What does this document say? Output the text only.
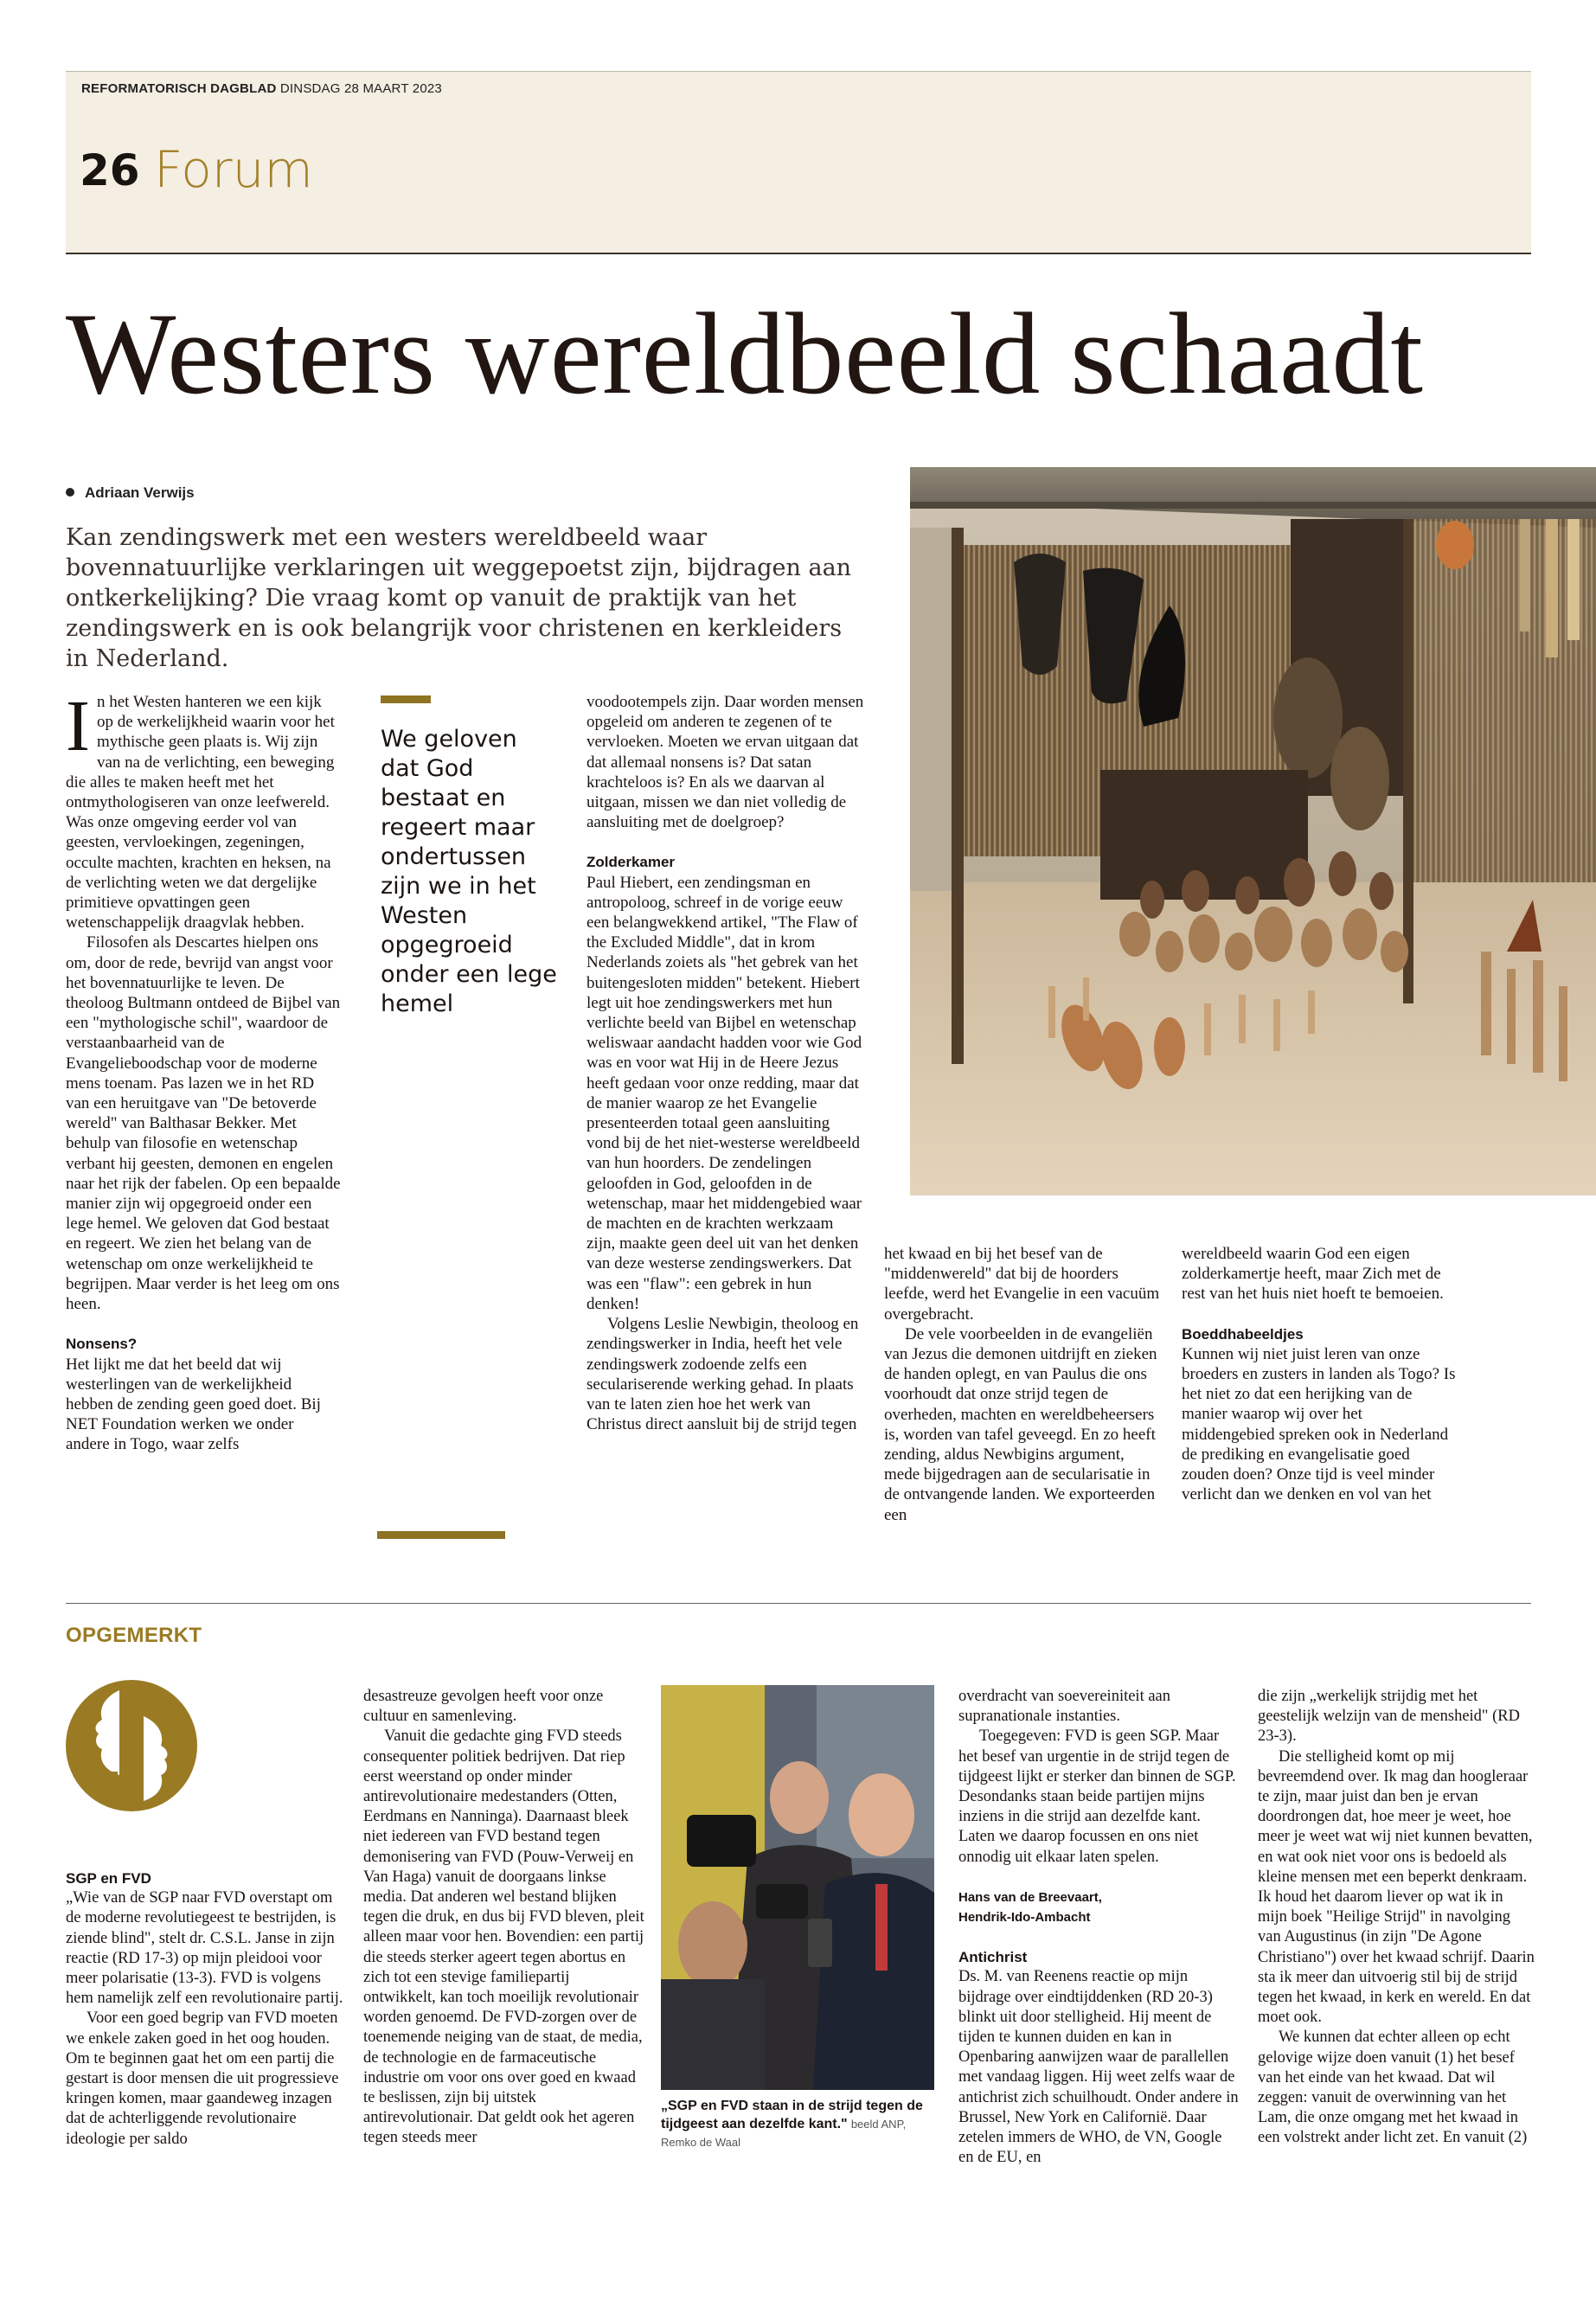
REFORMATORISCH DAGBLAD DINSDAG 28 MAART 2023
26 Forum
Westers wereldbeeld schaadt
Adriaan Verwijs
Kan zendingswerk met een westers wereldbeeld waar bovennatuurlijke verklaringen uit weggepoetst zijn, bijdragen aan ontkerkelijking? Die vraag komt op vanuit de praktijk van het zendingswerk en is ook belangrijk voor christenen en kerkleiders in Nederland.
We geloven dat God bestaat en regeert maar ondertussen zijn we in het Westen opgegroeid onder een lege hemel

In het Westen hanteren we een kijk op de werkelijkheid waarin voor het mythische geen plaats is. Wij zijn van na de verlichting, een beweging die alles te maken heeft met het ontmythologiseren van onze leefwereld. Was onze omgeving eerder vol van geesten, vervloekingen, zegeningen, occulte machten, krachten en heksen, na de verlichting weten we dat dergelijke primitieve opvattingen geen wetenschappelijk draagvlak hebben.

Filosofen als Descartes hielpen ons om, door de rede, bevrijd van angst voor het bovennatuurlijke te leven. De theoloog Bultmann ontdeed de Bijbel van een "mythologische schil", waardoor de verstaanbaarheid van de Evangelieboodschap voor de moderne mens toenam. Pas lazen we in het RD van een heruitgave van "De betoverde wereld" van Balthasar Bekker. Met behulp van filosofie en wetenschap verbant hij geesten, demonen en engelen naar het rijk der fabelen. Op een bepaalde manier zijn wij opgegroeid onder een lege hemel. We geloven dat God bestaat en regeert. We zien het belang van de wetenschap om onze werkelijkheid te begrijpen. Maar verder is het leeg om ons heen.

Nonsens?

Het lijkt me dat het beeld dat wij westerlingen van de werkelijkheid hebben de zending geen goed doet. Bij NET Foundation werken we onder andere in Togo, waar zelfs

voodootempels zijn. Daar worden mensen opgeleid om anderen te zegenen of te vervloeken. Moeten we ervan uitgaan dat dat allemaal nonsens is? Dat satan krachteloos is? En als we daarvan al uitgaan, missen we dan niet volledig de aansluiting met de doelgroep?

Zolderkamer

Paul Hiebert, een zendingsman en antropoloog, schreef in de vorige eeuw een belangwekkend artikel, "The Flaw of the Excluded Middle", dat in krom Nederlands zoiets als "het gebrek van het buitengesloten midden" betekent. Hiebert legt uit hoe zendingswerkers met hun verlichte beeld van Bijbel en wetenschap weliswaar aandacht hadden voor wie God was en voor wat Hij in de Heere Jezus heeft gedaan voor onze redding, maar dat de manier waarop ze het Evangelie presenteerden totaal geen aansluiting vond bij de het niet-westerse wereldbeeld van hun hoorders. De zendelingen geloofden in God, geloofden in de wetenschap, maar het middengebied waar de machten en de krachten werkzaam zijn, maakte geen deel uit van het denken van deze westerse zendingswerkers. Dat was een "flaw": een gebrek in hun denken!

Volgens Leslie Newbigin, theoloog en zendingswerker in India, heeft het vele zendingswerk zodoende zelfs een seculariserende werking gehad. In plaats van te laten zien hoe het werk van Christus direct aansluit bij de strijd tegen

het kwaad en bij het besef van de "middenwereld" dat bij de hoorders leefde, werd het Evangelie in een vacuüm overgebracht.

De vele voorbeelden in de evangeliën van Jezus die demonen uitdrijft en zieken de handen oplegt, en van Paulus die ons voorhoudt dat onze strijd tegen de overheden, machten en wereldbeheersers is, worden van tafel geveegd. En zo heeft zending, aldus Newbigins argument, mede bijgedragen aan de secularisatie in de ontvangende landen. We exporteerden een

wereldbeeld waarin God een eigen zolderkamertje heeft, maar Zich met de rest van het huis niet hoeft te bemoeien.

Boeddhabeeldjes

Kunnen wij niet juist leren van onze broeders en zusters in landen als Togo? Is het niet zo dat een herijking van de manier waarop wij over het middengebied spreken ook in Nederland de prediking en evangelisatie goed zouden doen? Onze tijd is veel minder verlicht dan we denken en vol van het

OPGEMERKT
SGP en FVD

„Wie van de SGP naar FVD overstapt om de moderne revolutiegeest te bestrijden, is ziende blind", stelt dr. C.S.L. Janse in zijn reactie (RD 17-3) op mijn pleidooi voor meer polarisatie (13-3). FVD is volgens hem namelijk zelf een revolutionaire partij.

Voor een goed begrip van FVD moeten we enkele zaken goed in het oog houden. Om te beginnen gaat het om een partij die gestart is door mensen die uit progressieve kringen komen, maar gaandeweg inzagen dat de achterliggende revolutionaire ideologie per saldo

desastreuze gevolgen heeft voor onze cultuur en samenleving.

Vanuit die gedachte ging FVD steeds consequenter politiek bedrijven. Dat riep eerst weerstand op onder minder antirevolutionaire medestanders (Otten, Eerdmans en Nanninga). Daarnaast bleek niet iedereen van FVD bestand tegen demonisering van FVD (Pouw-Verweij en Van Haga) vanuit de doorgaans linkse media. Dat anderen wel bestand blijken tegen die druk, en dus bij FVD bleven, pleit alleen maar voor hen. Bovendien: een partij die steeds sterker ageert tegen abortus en zich tot een stevige familiepartij ontwikkelt, kan toch moeilijk revolutionair worden genoemd. De FVD-zorgen over de toenemende neiging van de staat, de media, de technologie en de farmaceutische industrie om voor ons over goed en kwaad te beslissen, zijn bij uitstek antirevolutionair. Dat geldt ook het ageren tegen steeds meer

„SGP en FVD staan in de strijd tegen de tijdgeest aan dezelfde kant." beeld ANP, Remko de Waal

overdracht van soevereiniteit aan supranationale instanties.

Toegegeven: FVD is geen SGP. Maar het besef van urgentie in de strijd tegen de tijdgeest lijkt er sterker dan binnen de SGP. Desondanks staan beide partijen mijns inziens in die strijd aan dezelfde kant. Laten we daarop focussen en ons niet onnodig uit elkaar laten spelen.

Hans van de Breevaart,
Hendrik-Ido-Ambacht
Antichrist

Ds. M. van Reenens reactie op mijn bijdrage over eindtijddenken (RD 20-3) blinkt uit door stelligheid. Hij meent de tijden te kunnen duiden en kan in Openbaring aanwijzen waar de parallellen met vandaag liggen. Hij weet zelfs waar de antichrist zich schuilhoudt. Onder andere in Brussel, New York en Californië. Daar zetelen immers de WHO, de VN, Google en de EU, en

die zijn „werkelijk strijdig met het geestelijk welzijn van de mensheid" (RD 23-3).

Die stelligheid komt op mij bevreemdend over. Ik mag dan hoogleraar te zijn, maar juist dan ben je ervan doordrongen dat, hoe meer je weet, hoe meer je weet wat wij niet kunnen bevatten, en wat ook niet voor ons is bedoeld als kleine mensen met een beperkt denkraam. Ik houd het daarom liever op wat ik in mijn boek "Heilige Strijd" in navolging van Augustinus (in zijn "De Agone Christiano") over het kwaad schrijf. Daarin sta ik meer dan uitvoerig stil bij de strijd tegen het kwaad, in kerk en wereld. En dat moet ook.

We kunnen dat echter alleen op echt gelovige wijze doen vanuit (1) het besef van het einde van het kwaad. Dat wil zeggen: vanuit de overwinning van het Lam, die onze omgang met het kwaad in een volstrekt ander licht zet. En vanuit (2)
